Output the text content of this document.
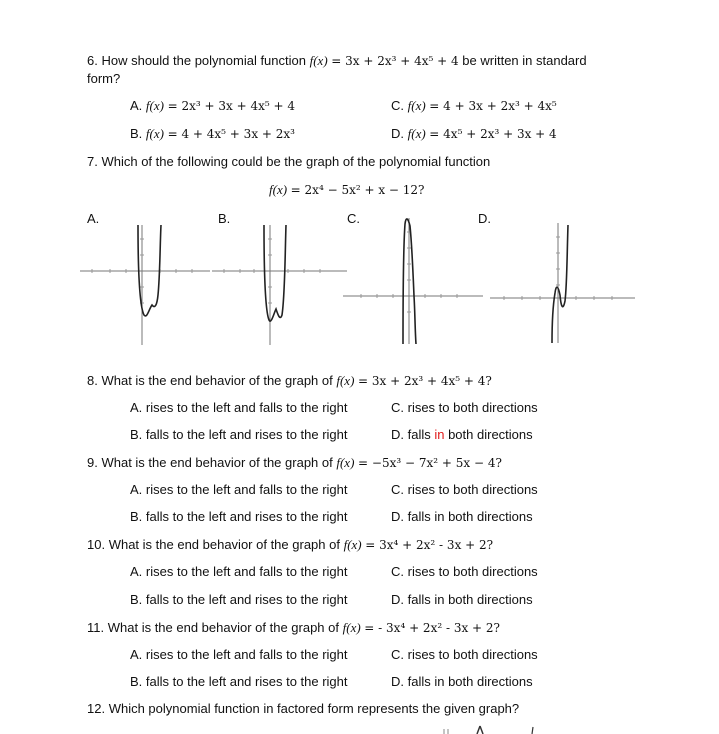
6. How should the polynomial function f(x) = 3x + 2x³ + 4x⁵ + 4 be written in standard
form?
A. f(x) = 2x³ + 3x + 4x⁵ + 4	C. f(x) = 4 + 3x + 2x³ + 4x⁵
B. f(x) = 4 + 4x⁵ + 3x + 2x³	D. f(x) = 4x⁵ + 2x³ + 3x + 4
7. Which of the following could be the graph of the polynomial function
f(x) = 2x⁴ − 5x² + x − 12?
A.	B.	C.	D.
8. What is the end behavior of the graph of f(x) = 3x + 2x³ + 4x⁵ + 4?
A. rises to the left and falls to the right	C. rises to both directions
B. falls to the left and rises to the right	D. falls in both directions
9. What is the end behavior of the graph of f(x) = −5x³ − 7x² + 5x − 4?
A. rises to the left and falls to the right	C. rises to both directions
B. falls to the left and rises to the right	D. falls in both directions
10. What is the end behavior of the graph of f(x) = 3x⁴ + 2x² - 3x + 2?
A. rises to the left and falls to the right	C. rises to both directions
B. falls to the left and rises to the right	D. falls in both directions
11. What is the end behavior of the graph of f(x) = - 3x⁴ + 2x² - 3x + 2?
A. rises to the left and falls to the right	C. rises to both directions
B. falls to the left and rises to the right	D. falls in both directions
12. Which polynomial function in factored form represents the given graph?
